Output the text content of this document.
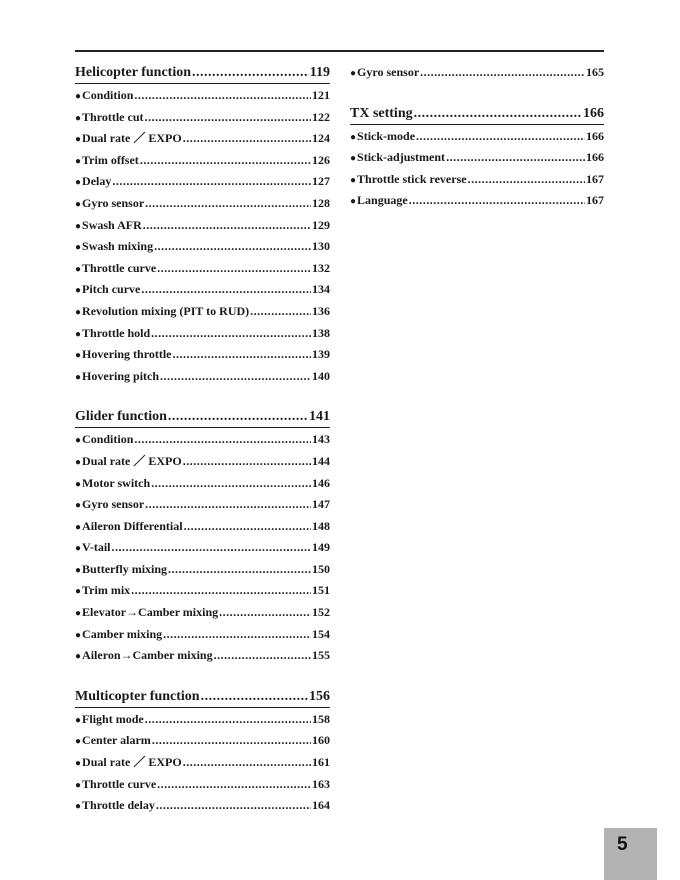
Helicopter function .....	119
●Condition .....	121
●Throttle cut .....	122
●Dual rate ／ EXPO .....	124
●Trim offset .....	126
●Delay .....	127
●Gyro sensor .....	128
●Swash AFR .....	129
●Swash mixing .....	130
●Throttle curve .....	132
●Pitch curve .....	134
●Revolution mixing (PIT to RUD) .....	136
●Throttle hold .....	138
●Hovering throttle .....	139
●Hovering pitch .....	140
Glider function .....	141
●Condition .....	143
●Dual rate ／ EXPO .....	144
●Motor switch .....	146
●Gyro sensor .....	147
●Aileron Differential .....	148
●V-tail .....	149
●Butterfly mixing .....	150
●Trim mix .....	151
●Elevator→Camber mixing .....	152
●Camber mixing .....	154
●Aileron→Camber mixing .....	155
Multicopter function .....	156
●Flight mode .....	158
●Center alarm .....	160
●Dual rate ／ EXPO .....	161
●Throttle curve .....	163
●Throttle delay .....	164
●Gyro sensor .....	165
TX setting .....	166
●Stick-mode .....	166
●Stick-adjustment .....	166
●Throttle stick reverse .....	167
●Language .....	167
5
